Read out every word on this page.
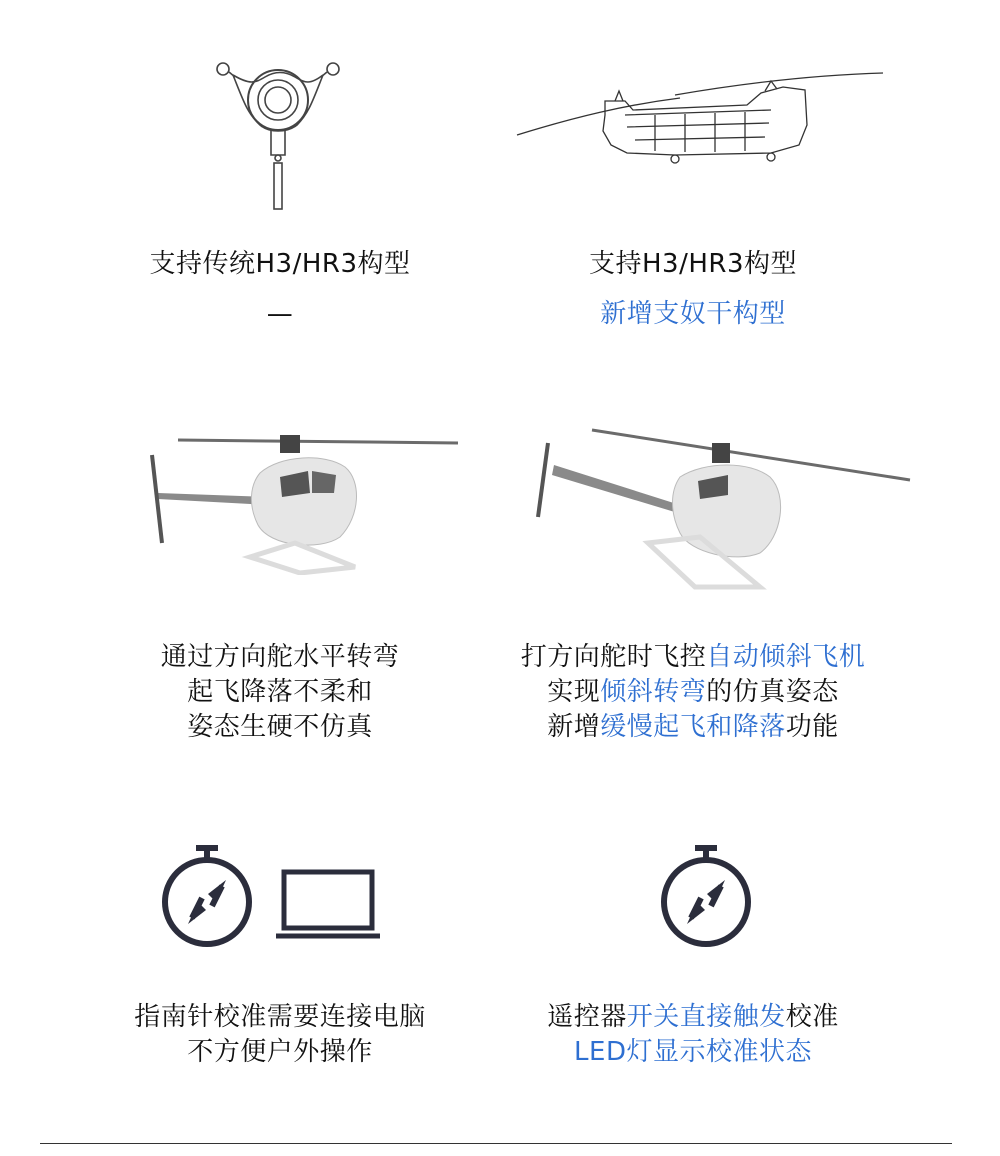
支持传统H3/HR3构型
—
支持H3/HR3构型
新增支奴干构型
通过方向舵水平转弯
起飞降落不柔和
姿态生硬不仿真
打方向舵时飞控自动倾斜飞机
实现倾斜转弯的仿真姿态
新增缓慢起飞和降落功能
指南针校准需要连接电脑
不方便户外操作
遥控器开关直接触发校准
LED灯显示校准状态
